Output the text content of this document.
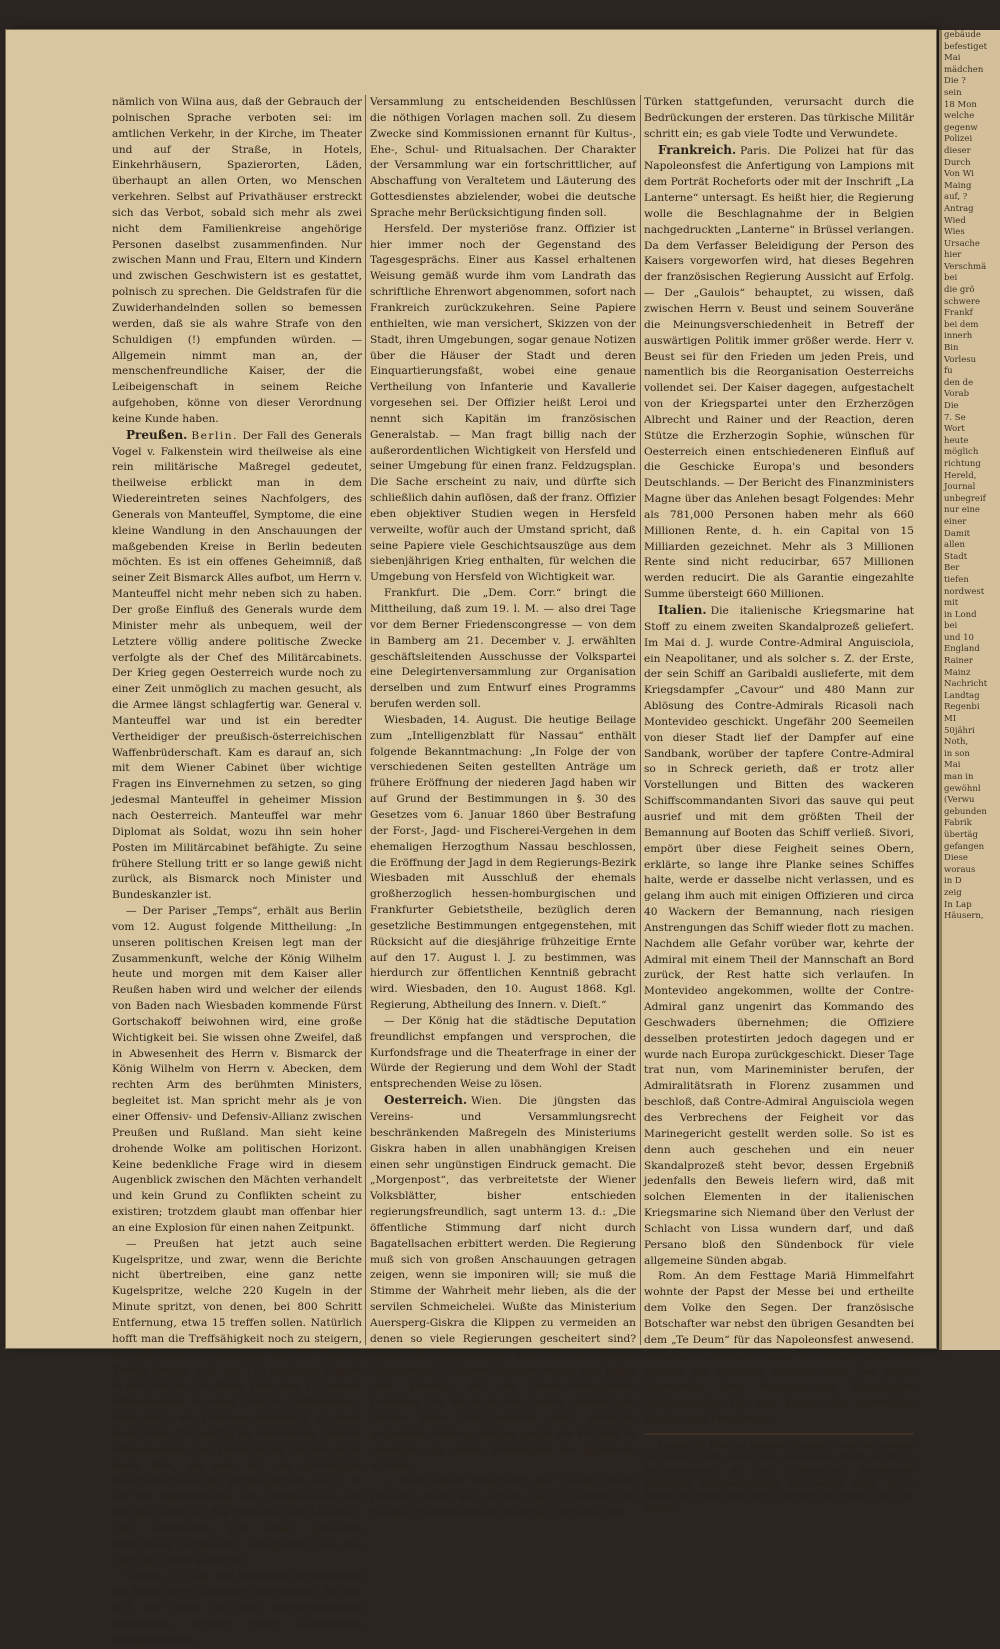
gebäude
befestiget
Mai
mädchen
Die ?
sein
18 Mon
welche
gegenw
Polizei
dieser
Durch
Von Wi
Maing
auf, ?
Antrag
Wied
Wies
Ursache
hier
Verschmä
bei
die grö
schwere
Frankf
bei dem
innerh
Bin
Vorlesu
fu
den de
Vorab
Die
7. Se
Wort
heute
möglich
richtung
Hereld,
Journal
unbegreif
nur eine
einer
Damit
allen
Stadt
Ber
tiefen
nordwest
mit
in Lond
bei
und 10
England
Rainer
Mainz
Nachricht
Landtag
Regenbi
MI
50jähri
Noth,
in son
Mai
man in
gewöhnl
(Verwu
gebunden
Fabrik
übertäg
gefangen
Diese
woraus
in D
zeig
In Lap
Häusern,

nämlich von Wilna aus, daß der Gebrauch der polnischen Sprache verboten sei: im amtlichen Verkehr, in der Kirche, im Theater und auf der Straße, in Hotels, Einkehrhäusern, Spazierorten, Läden, überhaupt an allen Orten, wo Menschen verkehren. Selbst auf Privathäuser erstreckt sich das Verbot, sobald sich mehr als zwei nicht dem Familienkreise angehörige Personen daselbst zusammenfinden. Nur zwischen Mann und Frau, Eltern und Kindern und zwischen Geschwistern ist es gestattet, polnisch zu sprechen. Die Geldstrafen für die Zuwiderhandelnden sollen so bemessen werden, daß sie als wahre Strafe von den Schuldigen (!) empfunden würden. — Allgemein nimmt man an, der menschenfreundliche Kaiser, der die Leibeigenschaft in seinem Reiche aufgehoben, könne von dieser Verordnung keine Kunde haben.

Preußen. Berlin. Der Fall des Generals Vogel v. Falkenstein wird theilweise als eine rein militärische Maßregel gedeutet, theilweise erblickt man in dem Wiedereintreten seines Nachfolgers, des Generals von Manteuffel, Symptome, die eine kleine Wandlung in den Anschauungen der maßgebenden Kreise in Berlin bedeuten möchten. Es ist ein offenes Geheimniß, daß seiner Zeit Bismarck Alles aufbot, um Herrn v. Manteuffel nicht mehr neben sich zu haben. Der große Einfluß des Generals wurde dem Minister mehr als unbequem, weil der Letztere völlig andere politische Zwecke verfolgte als der Chef des Militärcabinets. Der Krieg gegen Oesterreich wurde noch zu einer Zeit unmöglich zu machen gesucht, als die Armee längst schlagfertig war. General v. Manteuffel war und ist ein beredter Vertheidiger der preußisch-österreichischen Waffenbrüderschaft. Kam es darauf an, sich mit dem Wiener Cabinet über wichtige Fragen ins Einvernehmen zu setzen, so ging jedesmal Manteuffel in geheimer Mission nach Oesterreich. Manteuffel war mehr Diplomat als Soldat, wozu ihn sein hoher Posten im Militärcabinet befähigte. Zu seine frühere Stellung tritt er so lange gewiß nicht zurück, als Bismarck noch Minister und Bundeskanzler ist.

— Der Pariser „Temps“, erhält aus Berlin vom 12. August folgende Mittheilung: „In unseren politischen Kreisen legt man der Zusammenkunft, welche der König Wilhelm heute und morgen mit dem Kaiser aller Reußen haben wird und welcher der eilends von Baden nach Wiesbaden kommende Fürst Gortschakoff beiwohnen wird, eine große Wichtigkeit bei. Sie wissen ohne Zweifel, daß in Abwesenheit des Herrn v. Bismarck der König Wilhelm von Herrn v. Abecken, dem rechten Arm des berühmten Ministers, begleitet ist. Man spricht mehr als je von einer Offensiv- und Defensiv-Allianz zwischen Preußen und Rußland. Man sieht keine drohende Wolke am politischen Horizont. Keine bedenkliche Frage wird in diesem Augenblick zwischen den Mächten verhandelt und kein Grund zu Conflikten scheint zu existiren; trotzdem glaubt man offenbar hier an eine Explosion für einen nahen Zeitpunkt.

— Preußen hat jetzt auch seine Kugelspritze, und zwar, wenn die Berichte nicht übertreiben, eine ganz nette Kugelspritze, welche 220 Kugeln in der Minute spritzt, von denen, bei 800 Schritt Entfernung, etwa 15 treffen sollen. Natürlich hofft man die Treffsähigkeit noch zu steigern, so daß man es vielleicht auf 50 Prozent Treffer bringt, d. h. auf 110 treffende Kugeln in der Minute. Ein Mann kann also 110 seiner Mitmenschen in einer Minute todtschießen. Man sieht, wir kommen allmählich zu einer ziemlichen Virtuosität im Vernichten unserer Mitmenschen, und vielleicht ist die Zeit nicht mehr fern, wo man auf die gewaltigen Naturereignisse der Vergangenheit, wie z. B. auf die Verschüttung von Herkulanum und Pompeji, oder auf das Erdbeben von Lissabon, und Aehnliches mit einer gewissen Verachtung herabsieht, wenigstens was die Zahl der Opfer anbetrifft.

Kassel, 13. Aug. Die Rabbinenversammlung hat heute ihre Sitzungen geschlossen. Sie hat sich nur mehr als eine Vorversammlung betrachtet, welche einer künftigeren kompetenteren

Versammlung zu entscheidenden Beschlüssen die nöthigen Vorlagen machen soll. Zu diesem Zwecke sind Kommissionen ernannt für Kultus-, Ehe-, Schul- und Ritualsachen. Der Charakter der Versammlung war ein fortschrittlicher, auf Abschaffung von Veraltetem und Läuterung des Gottesdienstes abzielender, wobei die deutsche Sprache mehr Berücksichtigung finden soll.

Hersfeld. Der mysteriöse franz. Offizier ist hier immer noch der Gegenstand des Tagesgesprächs. Einer aus Kassel erhaltenen Weisung gemäß wurde ihm vom Landrath das schriftliche Ehrenwort abgenommen, sofort nach Frankreich zurückzukehren. Seine Papiere enthielten, wie man versichert, Skizzen von der Stadt, ihren Umgebungen, sogar genaue Notizen über die Häuser der Stadt und deren Einquartierungsfaßt, wobei eine genaue Vertheilung von Infanterie und Kavallerie vorgesehen sei. Der Offizier heißt Leroi und nennt sich Kapitän im französischen Generalstab. — Man fragt billig nach der außerordentlichen Wichtigkeit von Hersfeld und seiner Umgebung für einen franz. Feldzugsplan. Die Sache erscheint zu naiv, und dürfte sich schließlich dahin auflösen, daß der franz. Offizier eben objektiver Studien wegen in Hersfeld verweilte, wofür auch der Umstand spricht, daß seine Papiere viele Geschichtsauszüge aus dem siebenjährigen Krieg enthalten, für welchen die Umgebung von Hersfeld von Wichtigkeit war.

Frankfurt. Die „Dem. Corr.“ bringt die Mittheilung, daß zum 19. l. M. — also drei Tage vor dem Berner Friedenscongresse — von dem in Bamberg am 21. December v. J. erwählten geschäftsleitenden Ausschusse der Volkspartei eine Delegirtenversammlung zur Organisation derselben und zum Entwurf eines Programms berufen werden soll.

Wiesbaden, 14. August. Die heutige Beilage zum „Intelligenzblatt für Nassau“ enthält folgende Bekanntmachung: „In Folge der von verschiedenen Seiten gestellten Anträge um frühere Eröffnung der niederen Jagd haben wir auf Grund der Bestimmungen in §. 30 des Gesetzes vom 6. Januar 1860 über Bestrafung der Forst-, Jagd- und Fischerei-Vergehen in dem ehemaligen Herzogthum Nassau beschlossen, die Eröffnung der Jagd in dem Regierungs-Bezirk Wiesbaden mit Ausschluß der ehemals großherzoglich hessen-homburgischen und Frankfurter Gebietstheile, bezüglich deren gesetzliche Bestimmungen entgegenstehen, mit Rücksicht auf die diesjährige frühzeitige Ernte auf den 17. August l. J. zu bestimmen, was hierdurch zur öffentlichen Kenntniß gebracht wird. Wiesbaden, den 10. August 1868. Kgl. Regierung, Abtheilung des Innern. v. Dieſt.“

— Der König hat die städtische Deputation freundlichst empfangen und versprochen, die Kurfondsfrage und die Theaterfrage in einer der Würde der Regierung und dem Wohl der Stadt entsprechenden Weise zu lösen.

Oesterreich. Wien. Die jüngsten das Vereins- und Versammlungsrecht beschränkenden Maßregeln des Ministeriums Giskra haben in allen unabhängigen Kreisen einen sehr ungünstigen Eindruck gemacht. Die „Morgenpost“, das verbreitetste der Wiener Volksblätter, bisher entschieden regierungsfreundlich, sagt unterm 13. d.: „Die öffentliche Stimmung darf nicht durch Bagatellsachen erbittert werden. Die Regierung muß sich von großen Anschauungen getragen zeigen, wenn sie imponiren will; sie muß die Stimme der Wahrheit mehr lieben, als die der servilen Schmeichelei. Wußte das Ministerium Auersperg-Giskra die Klippen zu vermeiden an denen so viele Regierungen gescheitert sind? Findet die Wohldienerei kein Ohr bei diesem Ministerium?“ Unsere Minister zeigen sich leider sehr geneigt, auf die überschwänglichen Lobreden hin, die ihnen von unsern auswärtigen Gästen beim Schützenfeste allzu reichlich gespendet wurden, sorglos gegen die Freiheit zu sündigen, als deren Vorkämpfer sie gepriesen wurden.

— Nach einem Telegramm der „Neuen freien Presse“, datirt aus Agram, hat in Scutari ein blutiger Zusammenstoß zwischen Christen und

Türken stattgefunden, verursacht durch die Bedrückungen der ersteren. Das türkische Militär schritt ein; es gab viele Todte und Verwundete.

Frankreich. Paris. Die Polizei hat für das Napoleonsfest die Anfertigung von Lampions mit dem Porträt Rocheforts oder mit der Inschrift „La Lanterne“ untersagt. Es heißt hier, die Regierung wolle die Beschlagnahme der in Belgien nachgedruckten „Lanterne“ in Brüssel verlangen. Da dem Verfasser Beleidigung der Person des Kaisers vorgeworfen wird, hat dieses Begehren der französischen Regierung Aussicht auf Erfolg. — Der „Gaulois“ behauptet, zu wissen, daß zwischen Herrn v. Beust und seinem Souveräne die Meinungsverschiedenheit in Betreff der auswärtigen Politik immer größer werde. Herr v. Beust sei für den Frieden um jeden Preis, und namentlich bis die Reorganisation Oesterreichs vollendet sei. Der Kaiser dagegen, aufgestachelt von der Kriegspartei unter den Erzherzögen Albrecht und Rainer und der Reaction, deren Stütze die Erzherzogin Sophie, wünschen für Oesterreich einen entschiedeneren Einfluß auf die Geschicke Europa's und besonders Deutschlands. — Der Bericht des Finanzministers Magne über das Anlehen besagt Folgendes: Mehr als 781,000 Personen haben mehr als 660 Millionen Rente, d. h. ein Capital von 15 Milliarden gezeichnet. Mehr als 3 Millionen Rente sind nicht reducirbar, 657 Millionen werden reducirt. Die als Garantie eingezahlte Summe übersteigt 660 Millionen.

Italien. Die italienische Kriegsmarine hat Stoff zu einem zweiten Skandalprozeß geliefert. Im Mai d. J. wurde Contre-Admiral Anguisciola, ein Neapolitaner, und als solcher s. Z. der Erste, der sein Schiff an Garibaldi auslieferte, mit dem Kriegsdampfer „Cavour“ und 480 Mann zur Ablösung des Contre-Admirals Ricasoli nach Montevideo geschickt. Ungefähr 200 Seemeilen von dieser Stadt lief der Dampfer auf eine Sandbank, worüber der tapfere Contre-Admiral so in Schreck gerieth, daß er trotz aller Vorstellungen und Bitten des wackeren Schiffscommandanten Sivori das sauve qui peut ausrief und mit dem größten Theil der Bemannung auf Booten das Schiff verließ. Sivori, empört über diese Feigheit seines Obern, erklärte, so lange ihre Planke seines Schiffes halte, werde er dasselbe nicht verlassen, und es gelang ihm auch mit einigen Offizieren und circa 40 Wackern der Bemannung, nach riesigen Anstrengungen das Schiff wieder flott zu machen. Nachdem alle Gefahr vorüber war, kehrte der Admiral mit einem Theil der Mannschaft an Bord zurück, der Rest hatte sich verlaufen. In Montevideo angekommen, wollte der Contre-Admiral ganz ungenirt das Kommando des Geschwaders übernehmen; die Offiziere desselben protestirten jedoch dagegen und er wurde nach Europa zurückgeschickt. Dieser Tage trat nun, vom Marineminister berufen, der Admiralitätsrath in Florenz zusammen und beschloß, daß Contre-Admiral Anguisciola wegen des Verbrechens der Feigheit vor das Marinegericht gestellt werden solle. So ist es denn auch geschehen und ein neuer Skandalprozeß steht bevor, dessen Ergebniß jedenfalls den Beweis liefern wird, daß mit solchen Elementen in der italienischen Kriegsmarine sich Niemand über den Verlust der Schlacht von Lissa wundern darf, und daß Persano bloß den Sündenbock für viele allgemeine Sünden abgab.

Rom. An dem Festtage Mariä Himmelfahrt wohnte der Papst der Messe bei und ertheilte dem Volke den Segen. Der französische Botschafter war nebst den übrigen Gesandten bei dem „Te Deum“ für das Napoleonsfest anwesend. Dieselbe Ceremonie fand in Civitavecchia im Beisein des Generals Dumont statt. Der Papst überfandte dem französischen Botschafter Glückwünsche für den Kaiser, die kaiserliche Familie und Frankreich.

Frankfurt. Fast um dieselbe Stunde, in welcher gerade vor einem Jahre unser Dom abbrannte, brach in der in Sachsenhausen an der Offenbacher Landstraße gelegenen Kunstwollefabrik der Herren Math. Stürn Söhne ein Feuer aus, das in kurzer Zeit einen Theil der Fabrik-
